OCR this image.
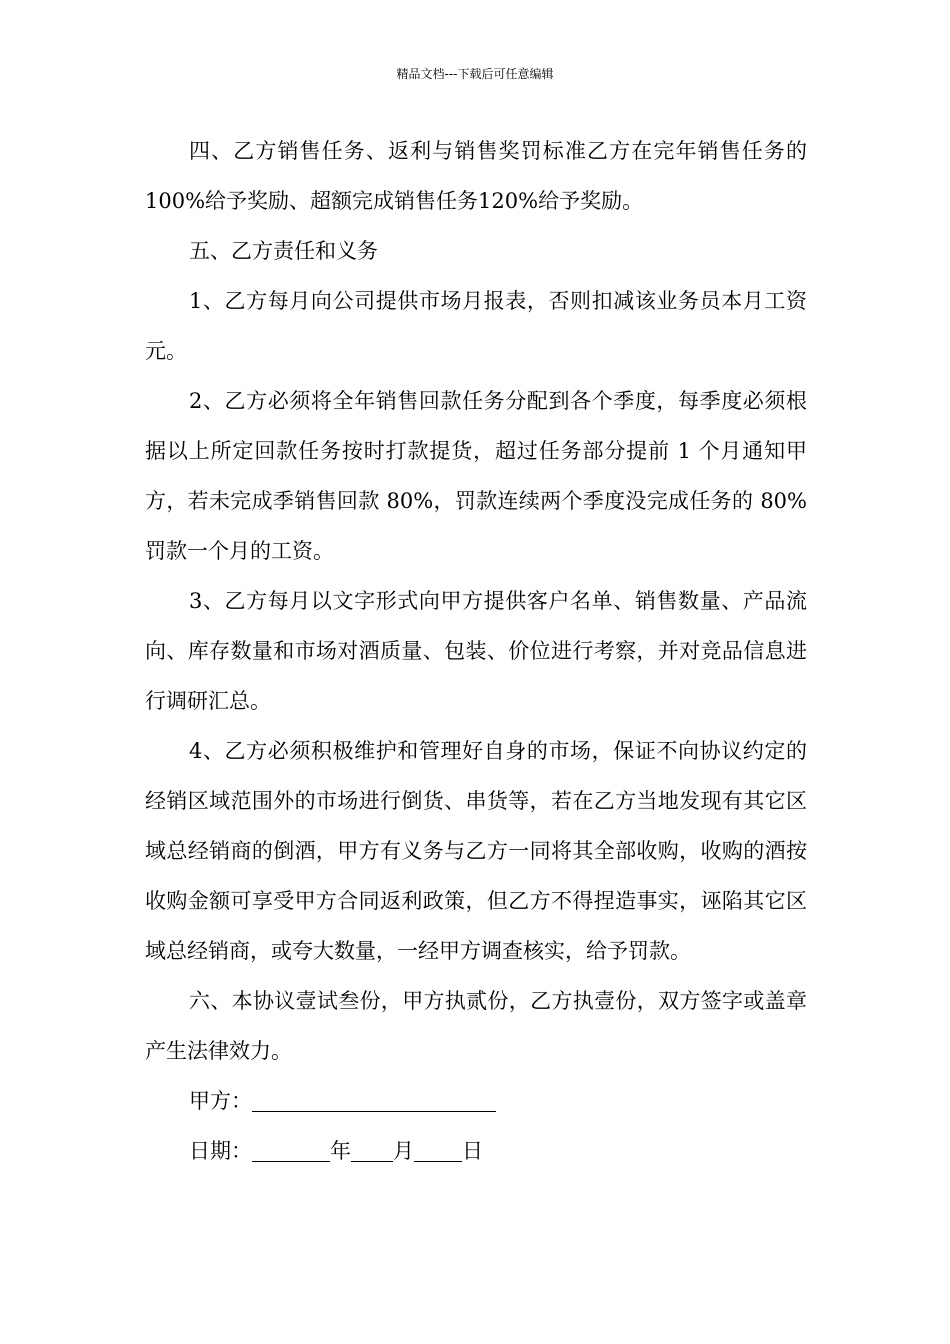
精品文档---下载后可任意编辑

四、乙方销售任务、返利与销售奖罚标准乙方在完年销售任务的100%给予奖励、超额完成销售任务120%给予奖励。

五、乙方责任和义务

1、乙方每月向公司提供市场月报表，否则扣减该业务员本月工资元。

2、乙方必须将全年销售回款任务分配到各个季度，每季度必须根据以上所定回款任务按时打款提货，超过任务部分提前 1 个月通知甲方，若未完成季销售回款 80%，罚款连续两个季度没完成任务的 80%罚款一个月的工资。

3、乙方每月以文字形式向甲方提供客户名单、销售数量、产品流向、库存数量和市场对酒质量、包装、价位进行考察，并对竞品信息进行调研汇总。

4、乙方必须积极维护和管理好自身的市场，保证不向协议约定的经销区域范围外的市场进行倒货、串货等，若在乙方当地发现有其它区域总经销商的倒酒，甲方有义务与乙方一同将其全部收购，收购的酒按收购金额可享受甲方合同返利政策，但乙方不得捏造事实，诬陷其它区域总经销商，或夸大数量，一经甲方调查核实，给予罚款。

六、本协议壹试叁份，甲方执贰份，乙方执壹份，双方签字或盖章产生法律效力。

甲方：

日期：	年 月 日
